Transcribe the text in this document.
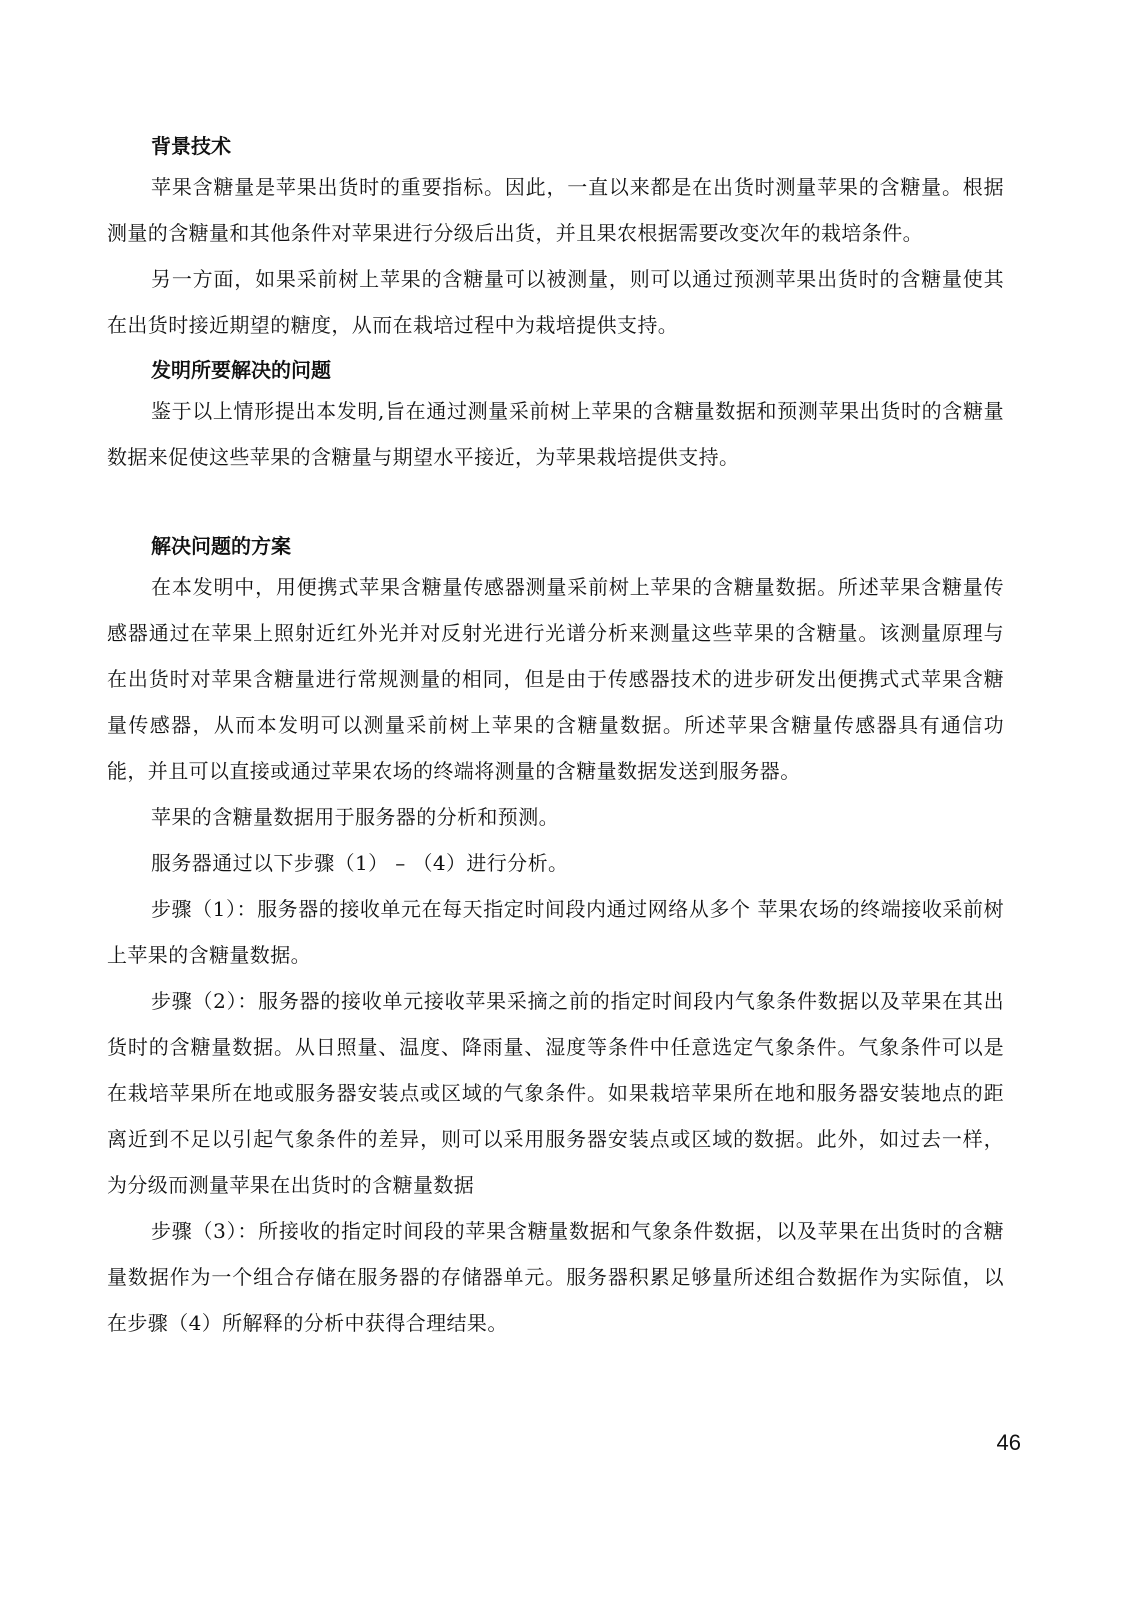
背景技术

苹果含糖量是苹果出货时的重要指标。因此，一直以来都是在出货时测量苹果的含糖量。根据测量的含糖量和其他条件对苹果进行分级后出货，并且果农根据需要改变次年的栽培条件。

另一方面，如果采前树上苹果的含糖量可以被测量，则可以通过预测苹果出货时的含糖量使其在出货时接近期望的糖度，从而在栽培过程中为栽培提供支持。

发明所要解决的问题

鉴于以上情形提出本发明,旨在通过测量采前树上苹果的含糖量数据和预测苹果出货时的含糖量数据来促使这些苹果的含糖量与期望水平接近，为苹果栽培提供支持。

解决问题的方案

在本发明中，用便携式苹果含糖量传感器测量采前树上苹果的含糖量数据。所述苹果含糖量传感器通过在苹果上照射近红外光并对反射光进行光谱分析来测量这些苹果的含糖量。该测量原理与在出货时对苹果含糖量进行常规测量的相同，但是由于传感器技术的进步研发出便携式式苹果含糖量传感器，从而本发明可以测量采前树上苹果的含糖量数据。所述苹果含糖量传感器具有通信功能，并且可以直接或通过苹果农场的终端将测量的含糖量数据发送到服务器。

苹果的含糖量数据用于服务器的分析和预测。

服务器通过以下步骤（1） – （4）进行分析。

步骤（1）：服务器的接收单元在每天指定时间段内通过网络从多个 苹果农场的终端接收采前树上苹果的含糖量数据。

步骤（2）：服务器的接收单元接收苹果采摘之前的指定时间段内气象条件数据以及苹果在其出货时的含糖量数据。从日照量、温度、降雨量、湿度等条件中任意选定气象条件。气象条件可以是在栽培苹果所在地或服务器安装点或区域的气象条件。如果栽培苹果所在地和服务器安装地点的距离近到不足以引起气象条件的差异，则可以采用服务器安装点或区域的数据。此外，如过去一样，为分级而测量苹果在出货时的含糖量数据

步骤（3）：所接收的指定时间段的苹果含糖量数据和气象条件数据，以及苹果在出货时的含糖量数据作为一个组合存储在服务器的存储器单元。服务器积累足够量所述组合数据作为实际值，以在步骤（4）所解释的分析中获得合理结果。

46
